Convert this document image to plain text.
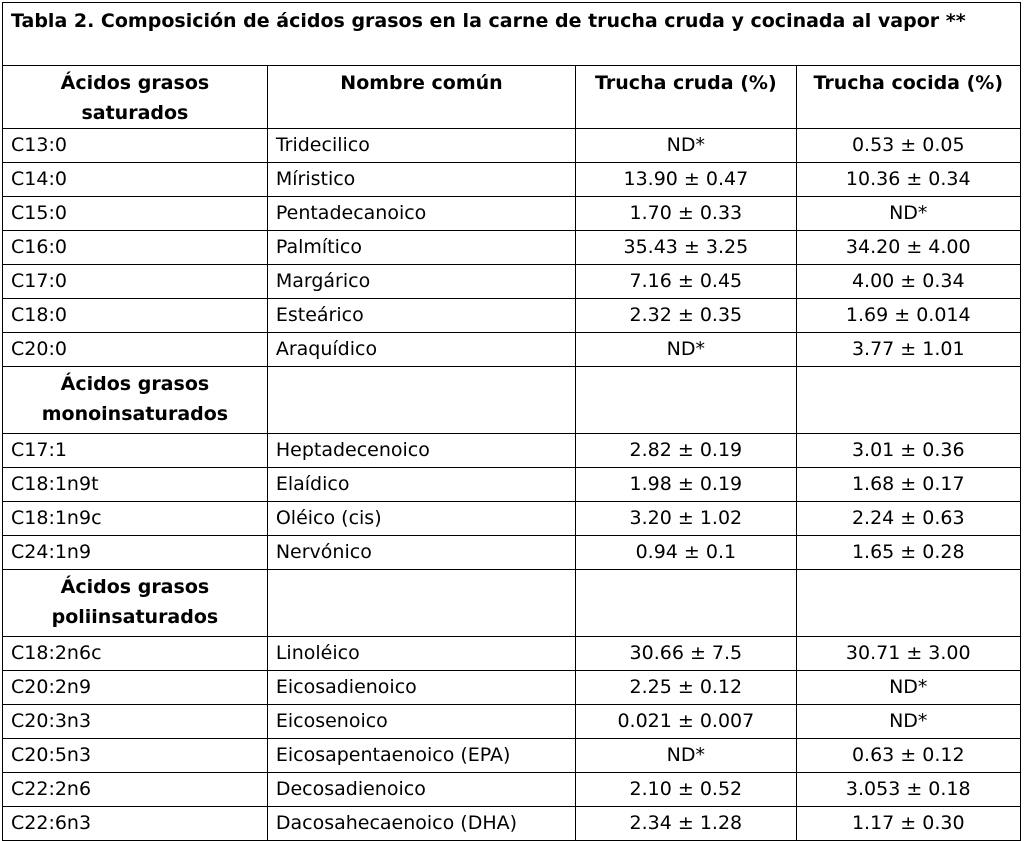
Tabla 2. Composición de ácidos grasos en la carne de trucha cruda y cocinada al vapor **			
Ácidos grasos
saturados	Nombre común	Trucha cruda (%)	Trucha cocida (%)
C13:0	Tridecilico	ND*	0.53 ± 0.05
C14:0	Míristico	13.90 ± 0.47	10.36 ± 0.34
C15:0	Pentadecanoico	1.70 ± 0.33	ND*
C16:0	Palmítico	35.43 ± 3.25	34.20 ± 4.00
C17:0	Margárico	7.16 ± 0.45	4.00 ± 0.34
C18:0	Esteárico	2.32 ± 0.35	1.69 ± 0.014
C20:0	Araquídico	ND*	3.77 ± 1.01
Ácidos grasos
monoinsaturados			
C17:1	Heptadecenoico	2.82 ± 0.19	3.01 ± 0.36
C18:1n9t	Elaídico	1.98 ± 0.19	1.68 ± 0.17
C18:1n9c	Oléico (cis)	3.20 ± 1.02	2.24 ± 0.63
C24:1n9	Nervónico	0.94 ± 0.1	1.65 ± 0.28
Ácidos grasos
poliinsaturados			
C18:2n6c	Linoléico	30.66 ± 7.5	30.71 ± 3.00
C20:2n9	Eicosadienoico	2.25 ± 0.12	ND*
C20:3n3	Eicosenoico	0.021 ± 0.007	ND*
C20:5n3	Eicosapentaenoico (EPA)	ND*	0.63 ± 0.12
C22:2n6	Decosadienoico	2.10 ± 0.52	3.053 ± 0.18
C22:6n3	Dacosahecaenoico (DHA)	2.34 ± 1.28	1.17 ± 0.30
